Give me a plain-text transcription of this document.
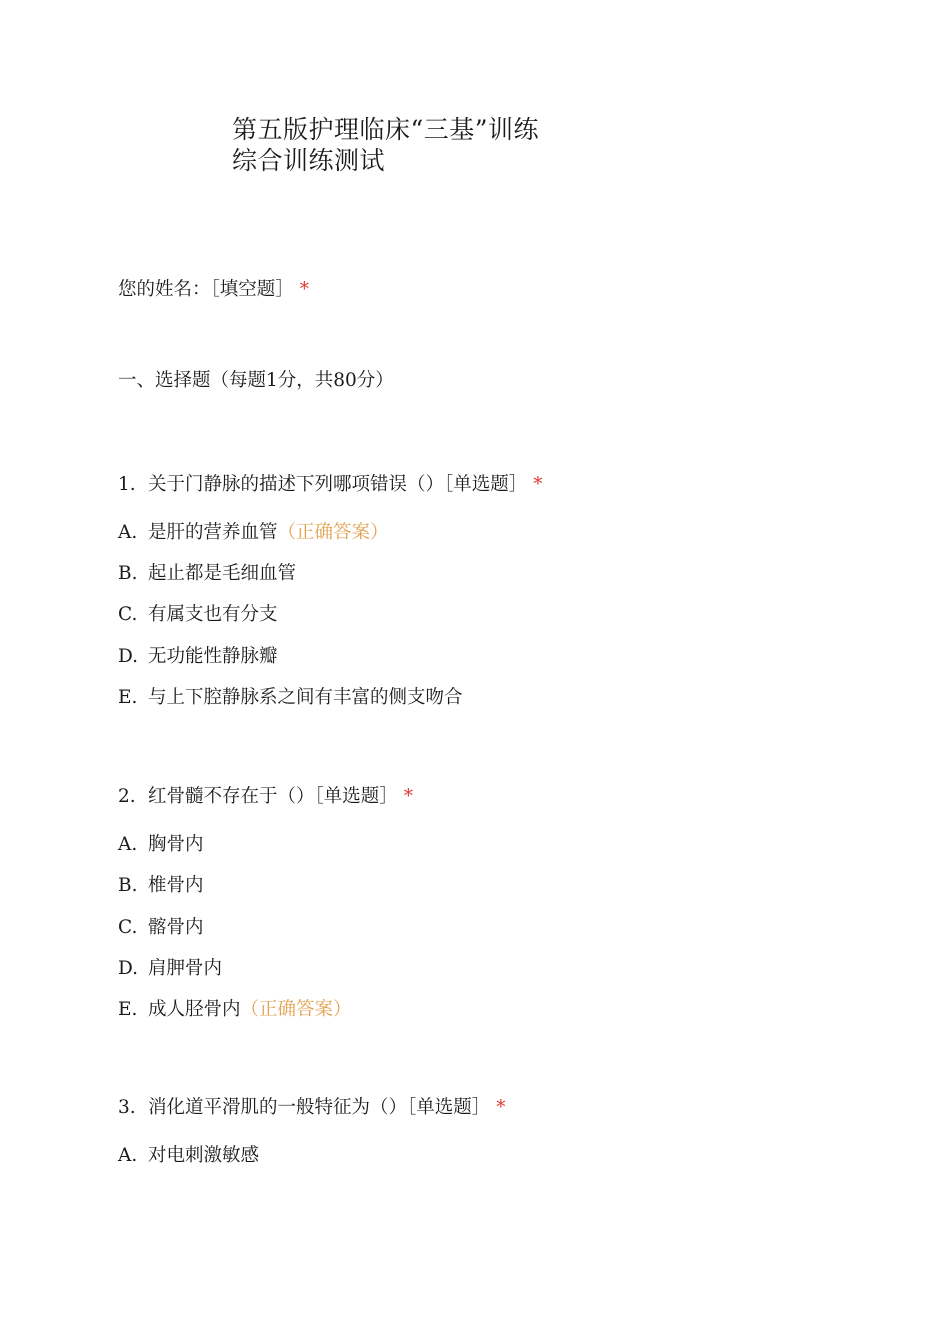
第五版护理临床“三基”训练
综合训练测试
您的姓名：［填空题］ *
一、选择题（每题1分，共80分）
1. 关于门静脉的描述下列哪项错误（）［单选题］ *
A. 是肝的营养血管（正确答案）
B. 起止都是毛细血管
C. 有属支也有分支
D. 无功能性静脉瓣
E. 与上下腔静脉系之间有丰富的侧支吻合
2. 红骨髓不存在于（）［单选题］ *
A. 胸骨内
B. 椎骨内
C. 髂骨内
D. 肩胛骨内
E. 成人胫骨内（正确答案）
3. 消化道平滑肌的一般特征为（）［单选题］ *
A. 对电刺激敏感
